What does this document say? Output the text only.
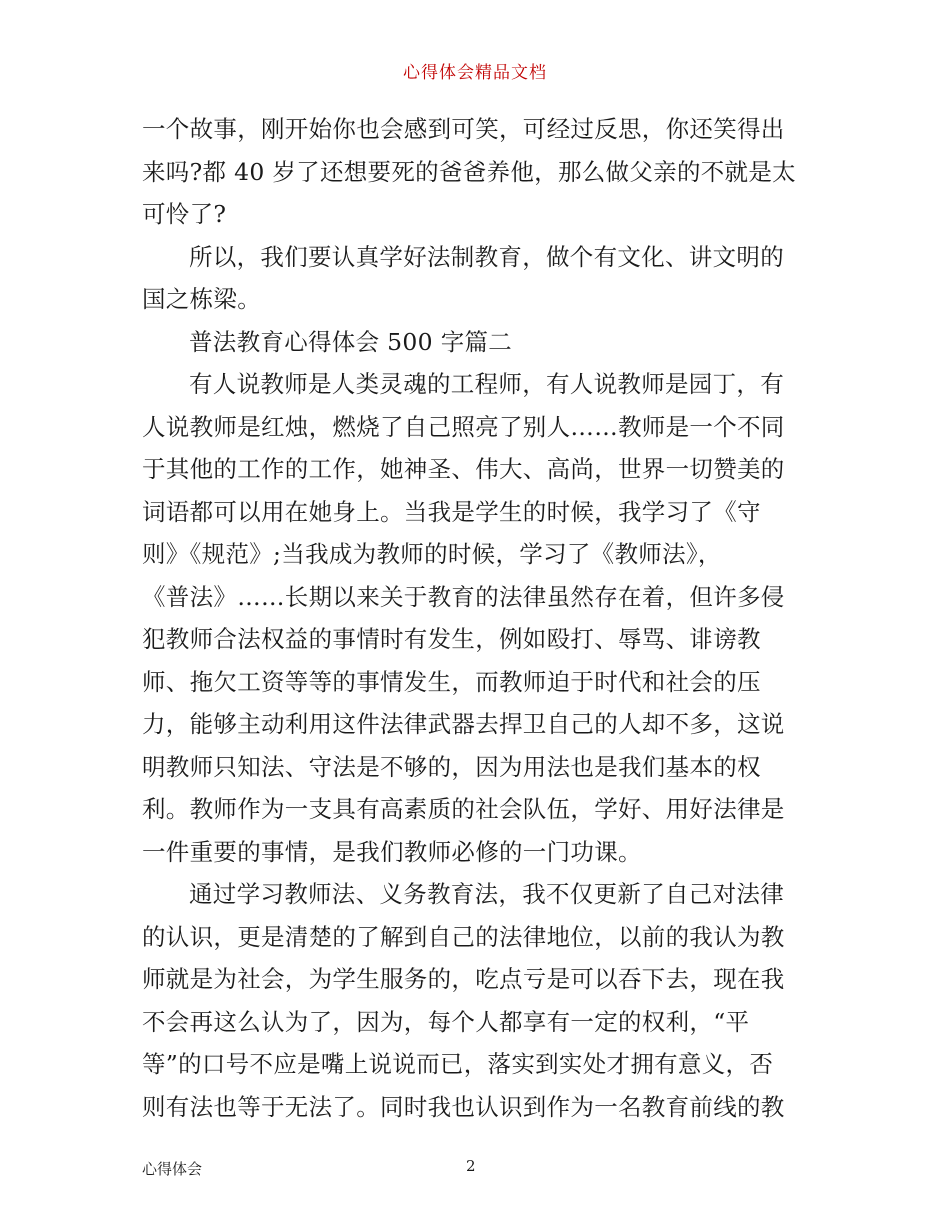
心得体会精品文档
一个故事，刚开始你也会感到可笑，可经过反思，你还笑得出
来吗?都 40 岁了还想要死的爸爸养他，那么做父亲的不就是太
可怜了?
所以，我们要认真学好法制教育，做个有文化、讲文明的
国之栋梁。
普法教育心得体会 500 字篇二
有人说教师是人类灵魂的工程师，有人说教师是园丁，有
人说教师是红烛，燃烧了自己照亮了别人……教师是一个不同
于其他的工作的工作，她神圣、伟大、高尚，世界一切赞美的
词语都可以用在她身上。当我是学生的时候，我学习了《守
则》《规范》;当我成为教师的时候，学习了《教师法》，
《普法》……长期以来关于教育的法律虽然存在着，但许多侵
犯教师合法权益的事情时有发生，例如殴打、辱骂、诽谤教
师、拖欠工资等等的事情发生，而教师迫于时代和社会的压
力，能够主动利用这件法律武器去捍卫自己的人却不多，这说
明教师只知法、守法是不够的，因为用法也是我们基本的权
利。教师作为一支具有高素质的社会队伍，学好、用好法律是
一件重要的事情，是我们教师必修的一门功课。
通过学习教师法、义务教育法，我不仅更新了自己对法律
的认识，更是清楚的了解到自己的法律地位，以前的我认为教
师就是为社会，为学生服务的，吃点亏是可以吞下去，现在我
不会再这么认为了，因为，每个人都享有一定的权利，“平
等”的口号不应是嘴上说说而已，落实到实处才拥有意义，否
则有法也等于无法了。同时我也认识到作为一名教育前线的教
心得体会	2
